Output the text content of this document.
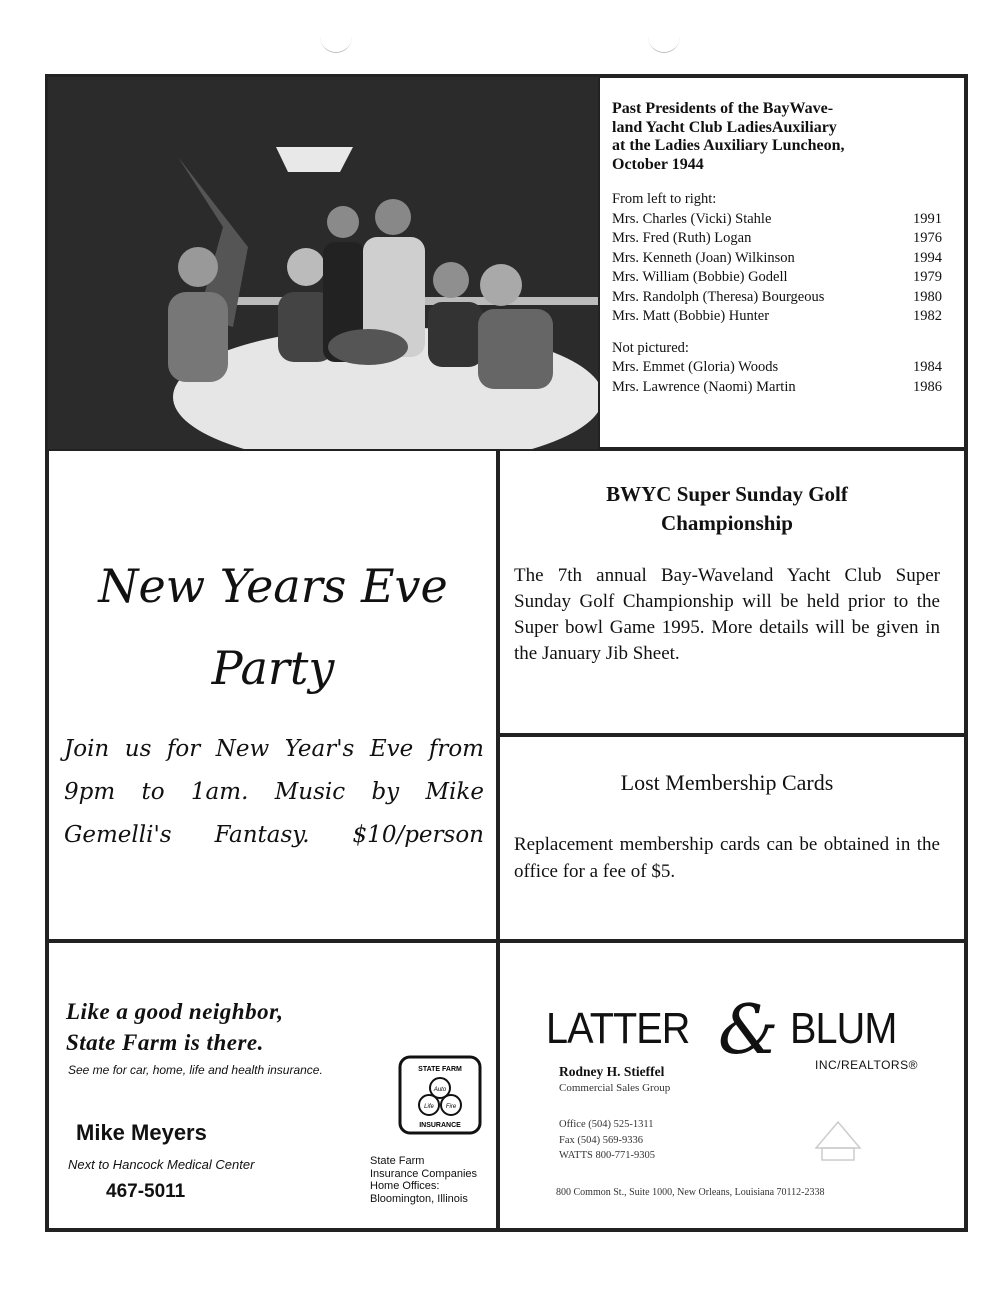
Past Presidents of the BayWave-
land Yacht Club LadiesAuxiliary
at the Ladies Auxiliary Luncheon,
October 1944
From left to right:
Mrs. Charles (Vicki) Stahle	1991
Mrs. Fred (Ruth) Logan	1976
Mrs. Kenneth (Joan) Wilkinson	1994
Mrs. William (Bobbie) Godell	1979
Mrs. Randolph (Theresa) Bourgeous	1980
Mrs. Matt (Bobbie) Hunter	1982
Not pictured:
Mrs. Emmet (Gloria) Woods	1984
Mrs. Lawrence (Naomi) Martin	1986
New Years Eve
Party
Join us for New Year's Eve from
9pm to 1am. Music by Mike
Gemelli's Fantasy. $10/person
BWYC Super Sunday Golf
Championship
The 7th annual Bay-Waveland Yacht Club Super Sunday Golf Championship will be held prior to the Super bowl Game 1995. More details will be given in the January Jib Sheet.
Lost Membership Cards
Replacement membership cards can be obtained in the office for a fee of $5.
Like a good neighbor,
State Farm is there.
See me for car, home, life and health insurance.	STATE FARM
Auto
Life Fire
INSURANCE
Mike Meyers
Next to Hancock Medical Center
467-5011
State Farm
Insurance Companies
Home Offices:
Bloomington, Illinois
LATTER & BLUM
INC/REALTORS®
Rodney H. Stieffel
Commercial Sales Group
Office (504) 525-1311
Fax (504) 569-9336
WATTS 800-771-9305
800 Common St., Suite 1000, New Orleans, Louisiana 70112-2338
